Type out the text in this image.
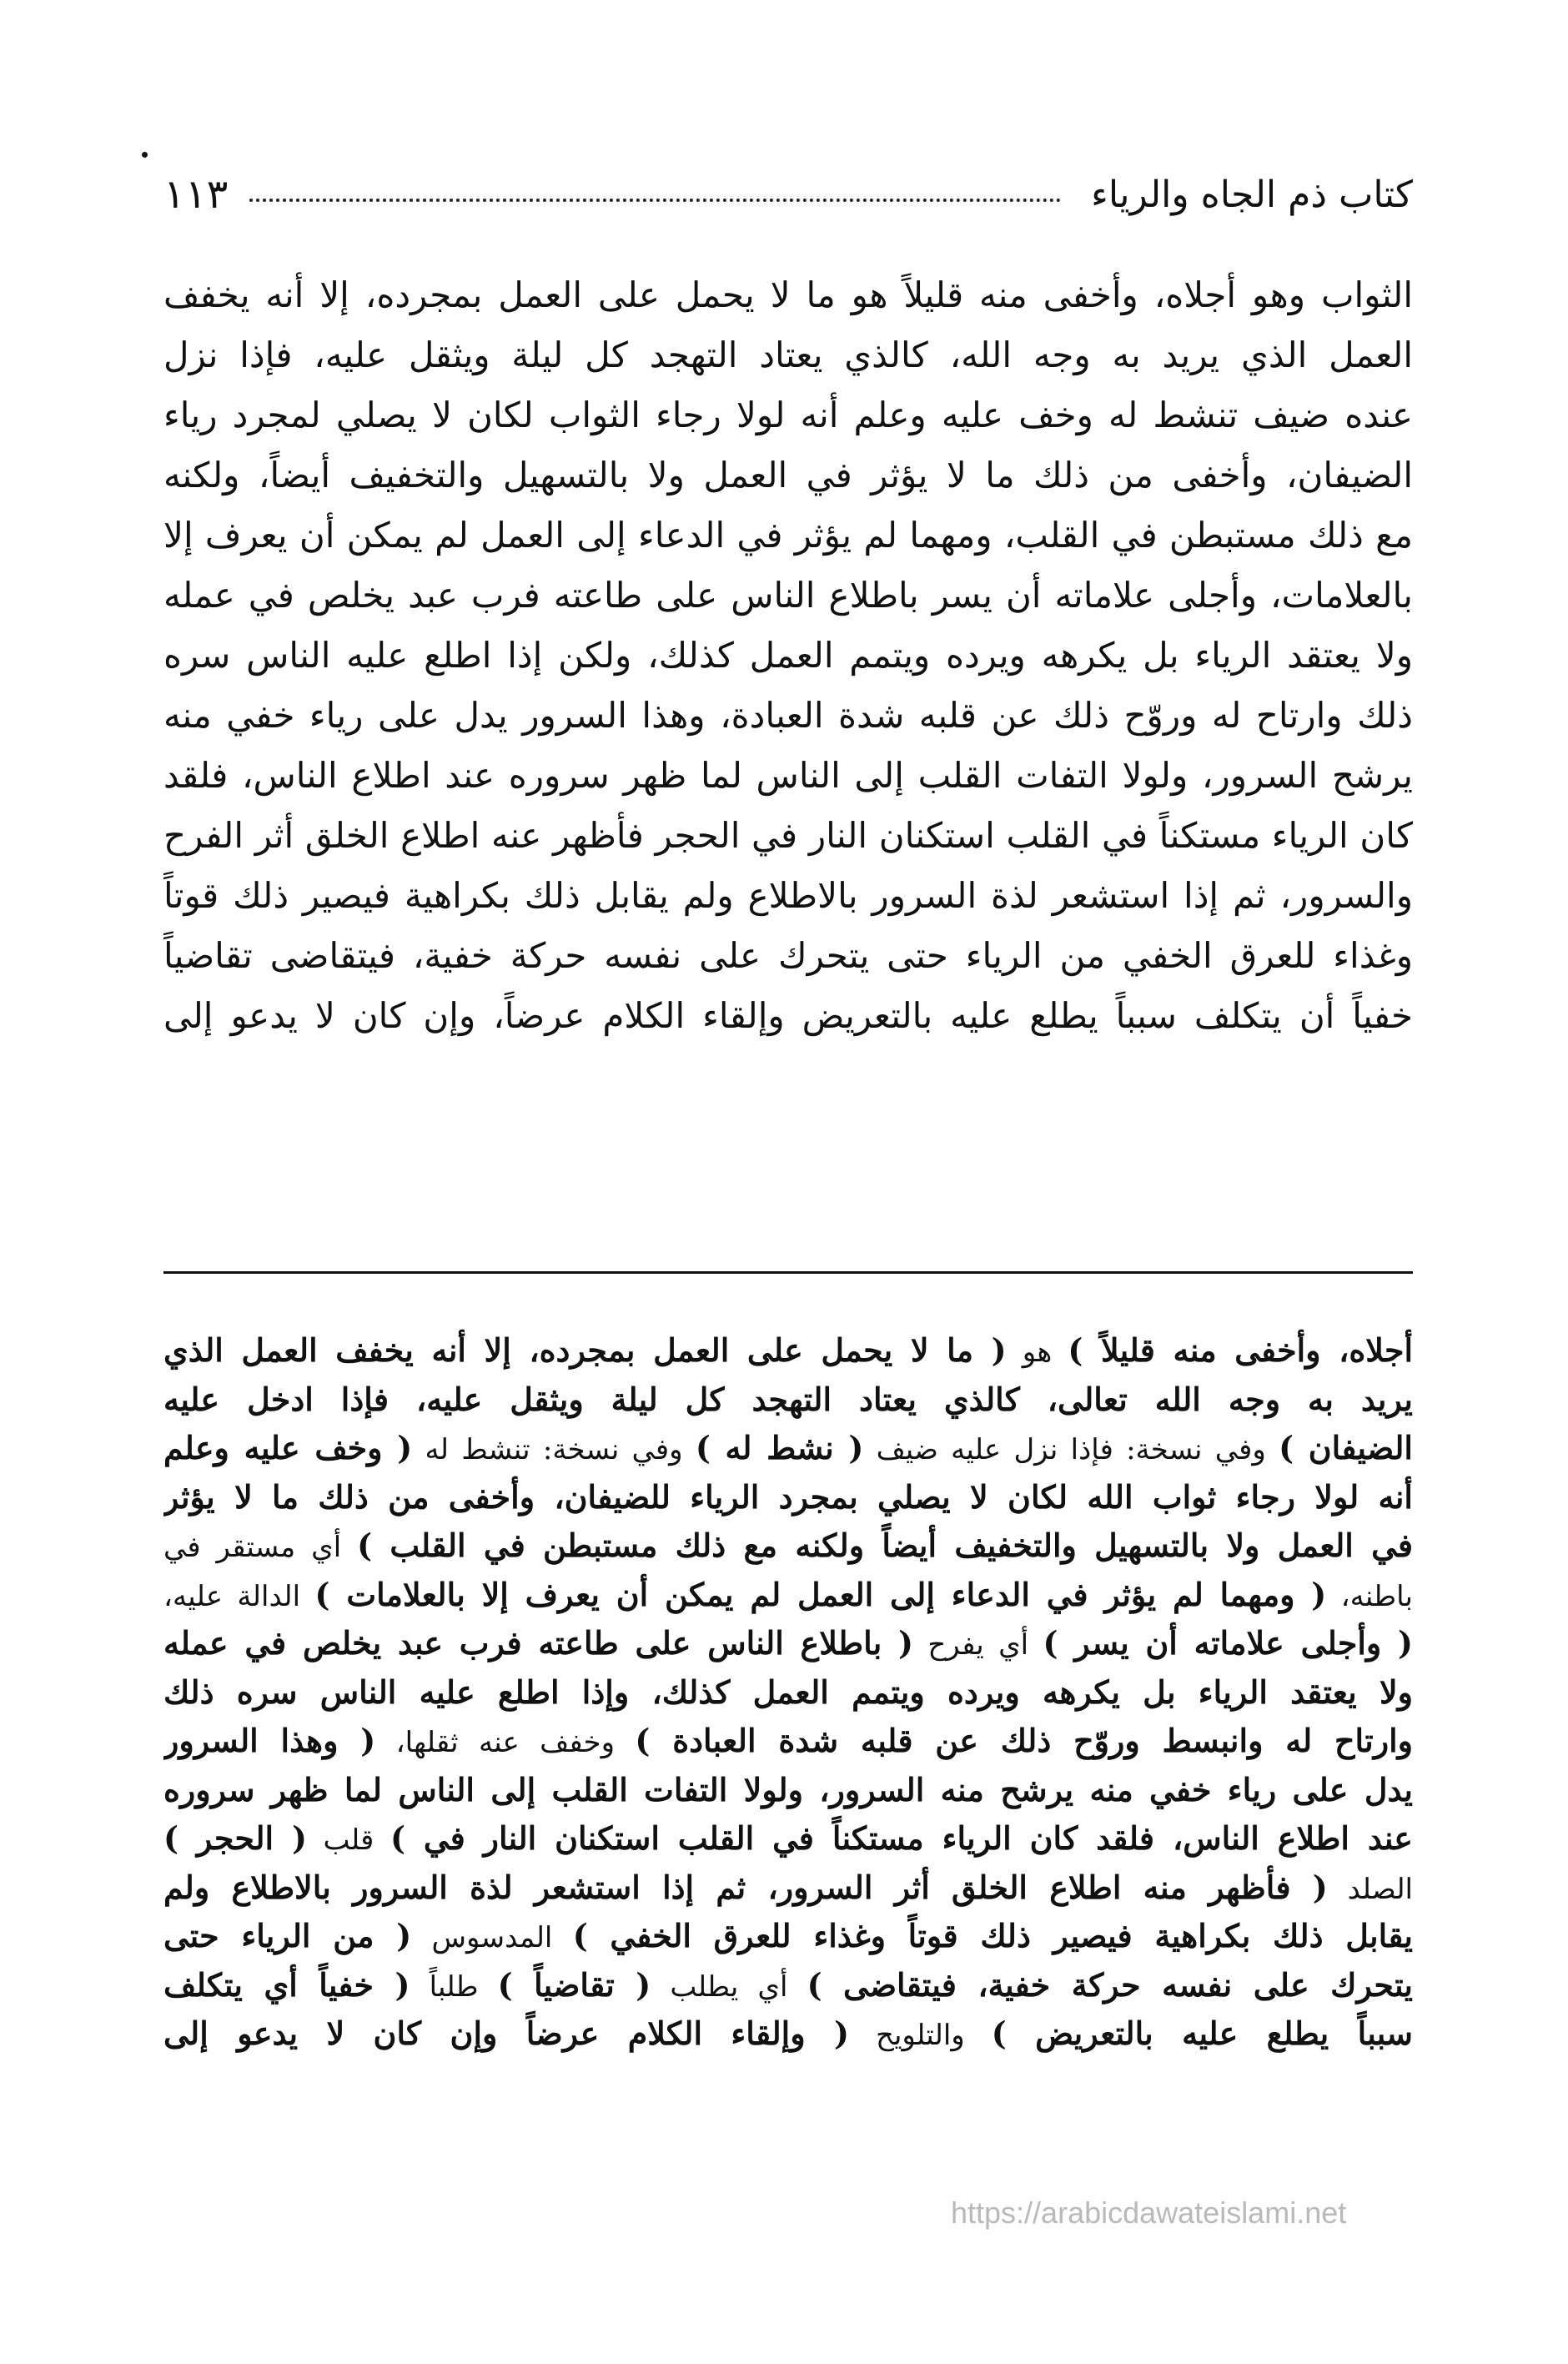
كتاب ذم الجاه والرياء
١١٣
الثواب وهو أجلاه، وأخفى منه قليلاً هو ما لا يحمل على العمل بمجرده، إلا أنه يخفف
العمل الذي يريد به وجه الله، كالذي يعتاد التهجد كل ليلة ويثقل عليه، فإذا نزل
عنده ضيف تنشط له وخف عليه وعلم أنه لولا رجاء الثواب لكان لا يصلي لمجرد رياء
الضيفان، وأخفى من ذلك ما لا يؤثر في العمل ولا بالتسهيل والتخفيف أيضاً، ولكنه
مع ذلك مستبطن في القلب، ومهما لم يؤثر في الدعاء إلى العمل لم يمكن أن يعرف إلا
بالعلامات، وأجلى علاماته أن يسر باطلاع الناس على طاعته فرب عبد يخلص في عمله
ولا يعتقد الرياء بل يكرهه ويرده ويتمم العمل كذلك، ولكن إذا اطلع عليه الناس سره
ذلك وارتاح له وروّح ذلك عن قلبه شدة العبادة، وهذا السرور يدل على رياء خفي منه
يرشح السرور، ولولا التفات القلب إلى الناس لما ظهر سروره عند اطلاع الناس، فلقد
كان الرياء مستكناً في القلب استكنان النار في الحجر فأظهر عنه اطلاع الخلق أثر الفرح
والسرور، ثم إذا استشعر لذة السرور بالاطلاع ولم يقابل ذلك بكراهية فيصير ذلك قوتاً
وغذاء للعرق الخفي من الرياء حتى يتحرك على نفسه حركة خفية، فيتقاضى تقاضياً
خفياً أن يتكلف سبباً يطلع عليه بالتعريض وإلقاء الكلام عرضاً، وإن كان لا يدعو إلى
أجلاه، وأخفى منه قليلاً ) هو ( ما لا يحمل على العمل بمجرده، إلا أنه يخفف العمل الذي
يريد به وجه الله تعالى، كالذي يعتاد التهجد كل ليلة ويثقل عليه، فإذا ادخل عليه
الضيفان ) وفي نسخة: فإذا نزل عليه ضيف ( نشط له ) وفي نسخة: تنشط له ( وخف عليه وعلم
أنه لولا رجاء ثواب الله لكان لا يصلي بمجرد الرياء للضيفان، وأخفى من ذلك ما لا يؤثر
في العمل ولا بالتسهيل والتخفيف أيضاً ولكنه مع ذلك مستبطن في القلب ) أي مستقر في
باطنه، ( ومهما لم يؤثر في الدعاء إلى العمل لم يمكن أن يعرف إلا بالعلامات ) الدالة عليه،
( وأجلى علاماته أن يسر ) أي يفرح ( باطلاع الناس على طاعته فرب عبد يخلص في عمله
ولا يعتقد الرياء بل يكرهه ويرده ويتمم العمل كذلك، وإذا اطلع عليه الناس سره ذلك
وارتاح له وانبسط وروّح ذلك عن قلبه شدة العبادة ) وخفف عنه ثقلها، ( وهذا السرور
يدل على رياء خفي منه يرشح منه السرور، ولولا التفات القلب إلى الناس لما ظهر سروره
عند اطلاع الناس، فلقد كان الرياء مستكناً في القلب استكنان النار في ) قلب ( الحجر )
الصلد ( فأظهر منه اطلاع الخلق أثر السرور، ثم إذا استشعر لذة السرور بالاطلاع ولم
يقابل ذلك بكراهية فيصير ذلك قوتاً وغذاء للعرق الخفي ) المدسوس ( من الرياء حتى
يتحرك على نفسه حركة خفية، فيتقاضى ) أي يطلب ( تقاضياً ) طلباً ( خفياً أي يتكلف
سبباً يطلع عليه بالتعريض ) والتلويح ( وإلقاء الكلام عرضاً وإن كان لا يدعو إلى
https://arabicdawateislami.net
